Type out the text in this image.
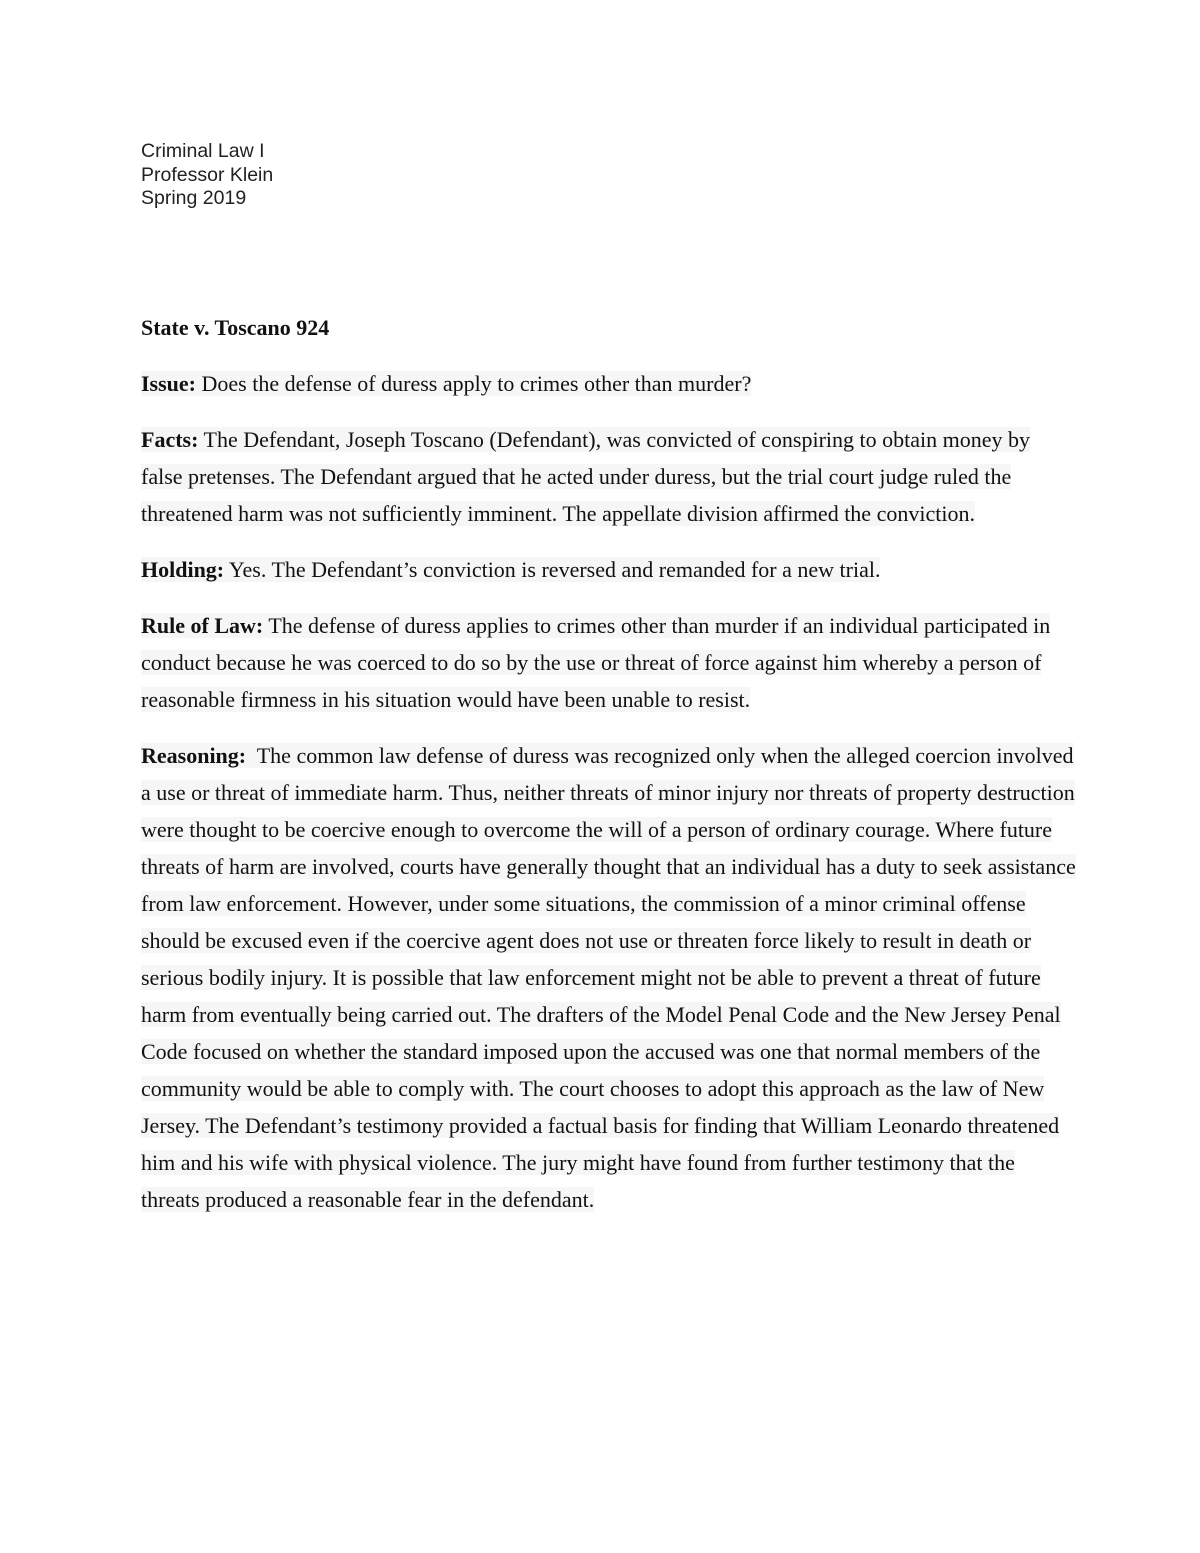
Criminal Law I
Professor Klein
Spring 2019

State v. Toscano 924

Issue: Does the defense of duress apply to crimes other than murder?

Facts: The Defendant, Joseph Toscano (Defendant), was convicted of conspiring to obtain money by false pretenses. The Defendant argued that he acted under duress, but the trial court judge ruled the threatened harm was not sufficiently imminent. The appellate division affirmed the conviction.

Holding: Yes. The Defendant’s conviction is reversed and remanded for a new trial.

Rule of Law: The defense of duress applies to crimes other than murder if an individual participated in conduct because he was coerced to do so by the use or threat of force against him whereby a person of reasonable firmness in his situation would have been unable to resist.

Reasoning: The common law defense of duress was recognized only when the alleged coercion involved a use or threat of immediate harm. Thus, neither threats of minor injury nor threats of property destruction were thought to be coercive enough to overcome the will of a person of ordinary courage. Where future threats of harm are involved, courts have generally thought that an individual has a duty to seek assistance from law enforcement. However, under some situations, the commission of a minor criminal offense should be excused even if the coercive agent does not use or threaten force likely to result in death or serious bodily injury. It is possible that law enforcement might not be able to prevent a threat of future harm from eventually being carried out. The drafters of the Model Penal Code and the New Jersey Penal Code focused on whether the standard imposed upon the accused was one that normal members of the community would be able to comply with. The court chooses to adopt this approach as the law of New Jersey. The Defendant’s testimony provided a factual basis for finding that William Leonardo threatened him and his wife with physical violence. The jury might have found from further testimony that the threats produced a reasonable fear in the defendant.
